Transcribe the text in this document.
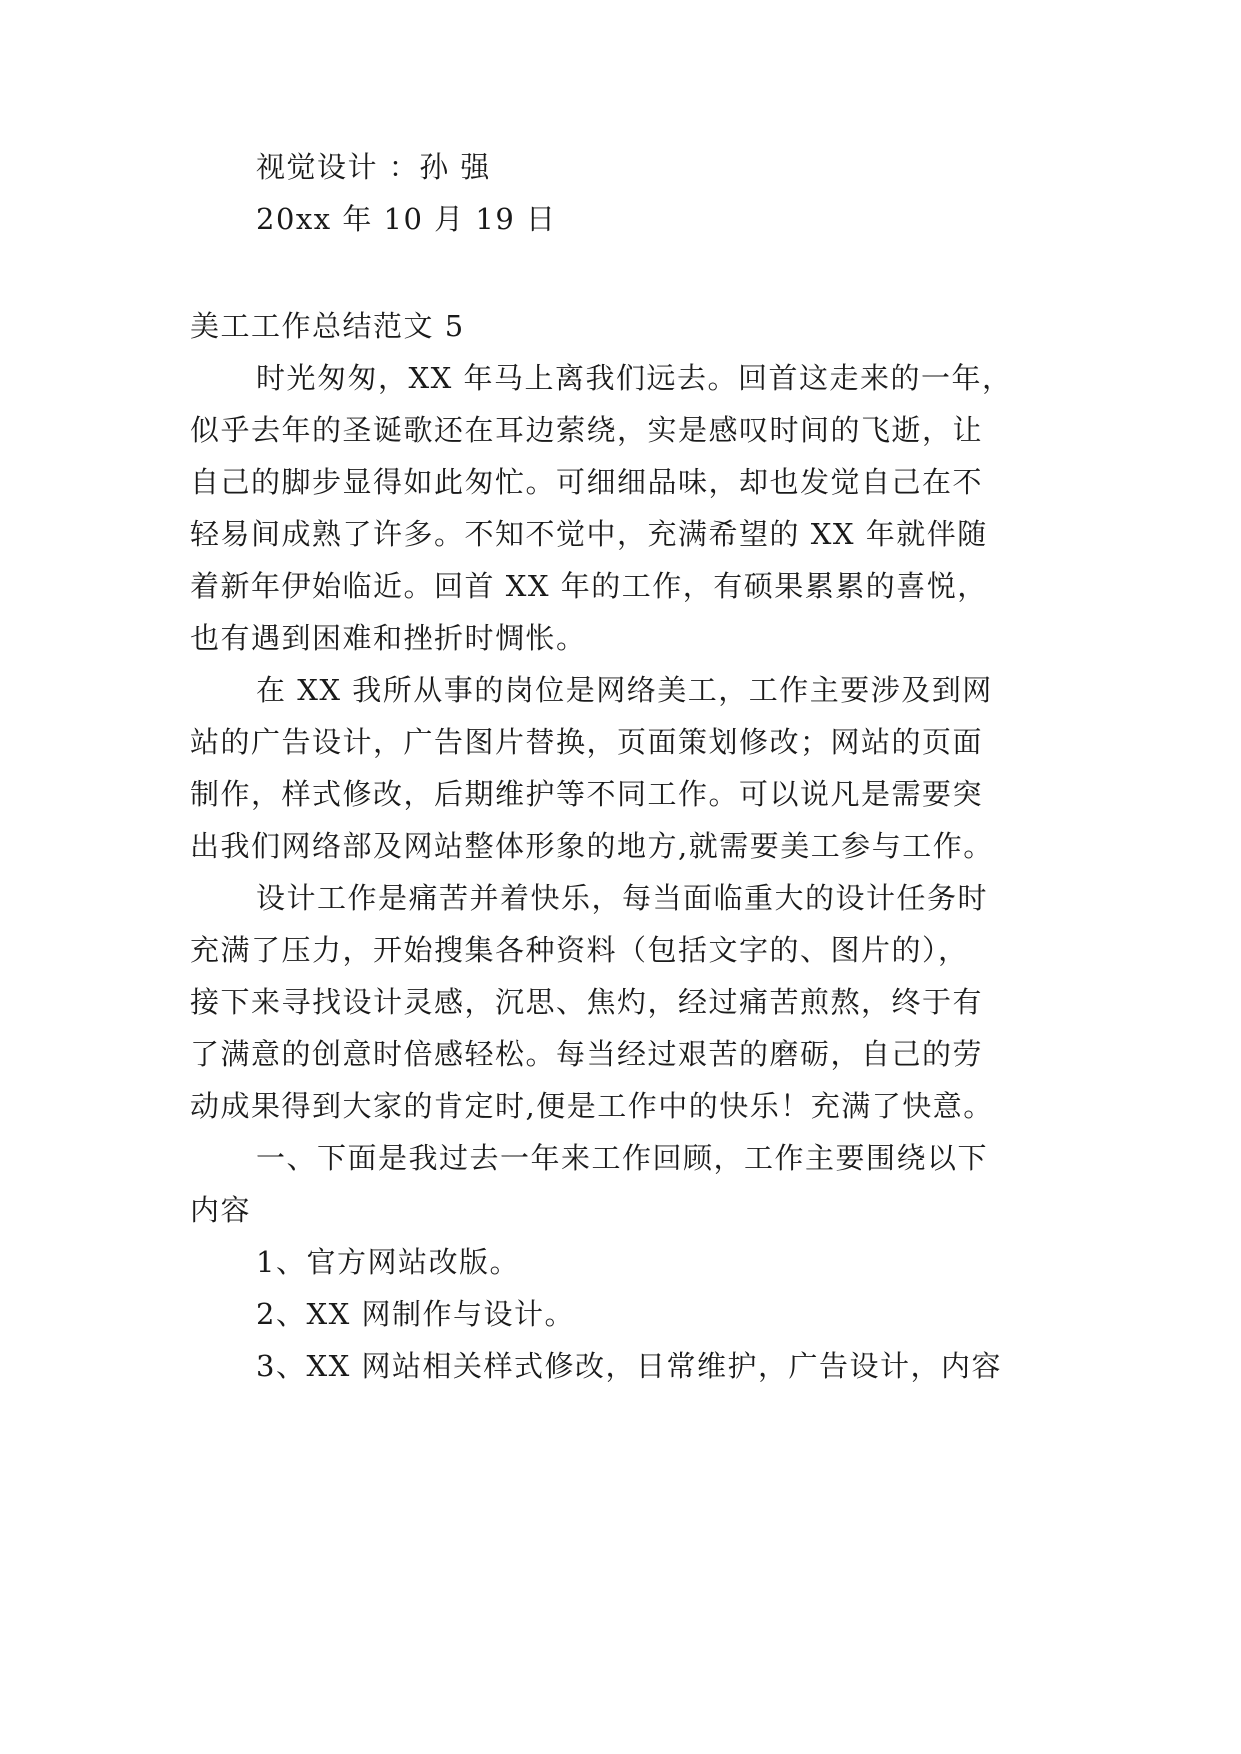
视觉设计 ：孙 强
20xx 年 10 月 19 日
美工工作总结范文 5
时光匆匆，XX 年马上离我们远去。回首这走来的一年，
似乎去年的圣诞歌还在耳边萦绕，实是感叹时间的飞逝，让
自己的脚步显得如此匆忙。可细细品味，却也发觉自己在不
轻易间成熟了许多。不知不觉中，充满希望的 XX 年就伴随
着新年伊始临近。回首 XX 年的工作，有硕果累累的喜悦，
也有遇到困难和挫折时惆怅。
在 XX 我所从事的岗位是网络美工，工作主要涉及到网
站的广告设计，广告图片替换，页面策划修改；网站的页面
制作，样式修改，后期维护等不同工作。可以说凡是需要突
出我们网络部及网站整体形象的地方,就需要美工参与工作。
设计工作是痛苦并着快乐，每当面临重大的设计任务时
充满了压力，开始搜集各种资料（包括文字的、图片的），
接下来寻找设计灵感，沉思、焦灼，经过痛苦煎熬，终于有
了满意的创意时倍感轻松。每当经过艰苦的磨砺，自己的劳
动成果得到大家的肯定时,便是工作中的快乐！充满了快意。
一、下面是我过去一年来工作回顾，工作主要围绕以下
内容
1、官方网站改版。
2、XX 网制作与设计。
3、XX 网站相关样式修改，日常维护，广告设计，内容
